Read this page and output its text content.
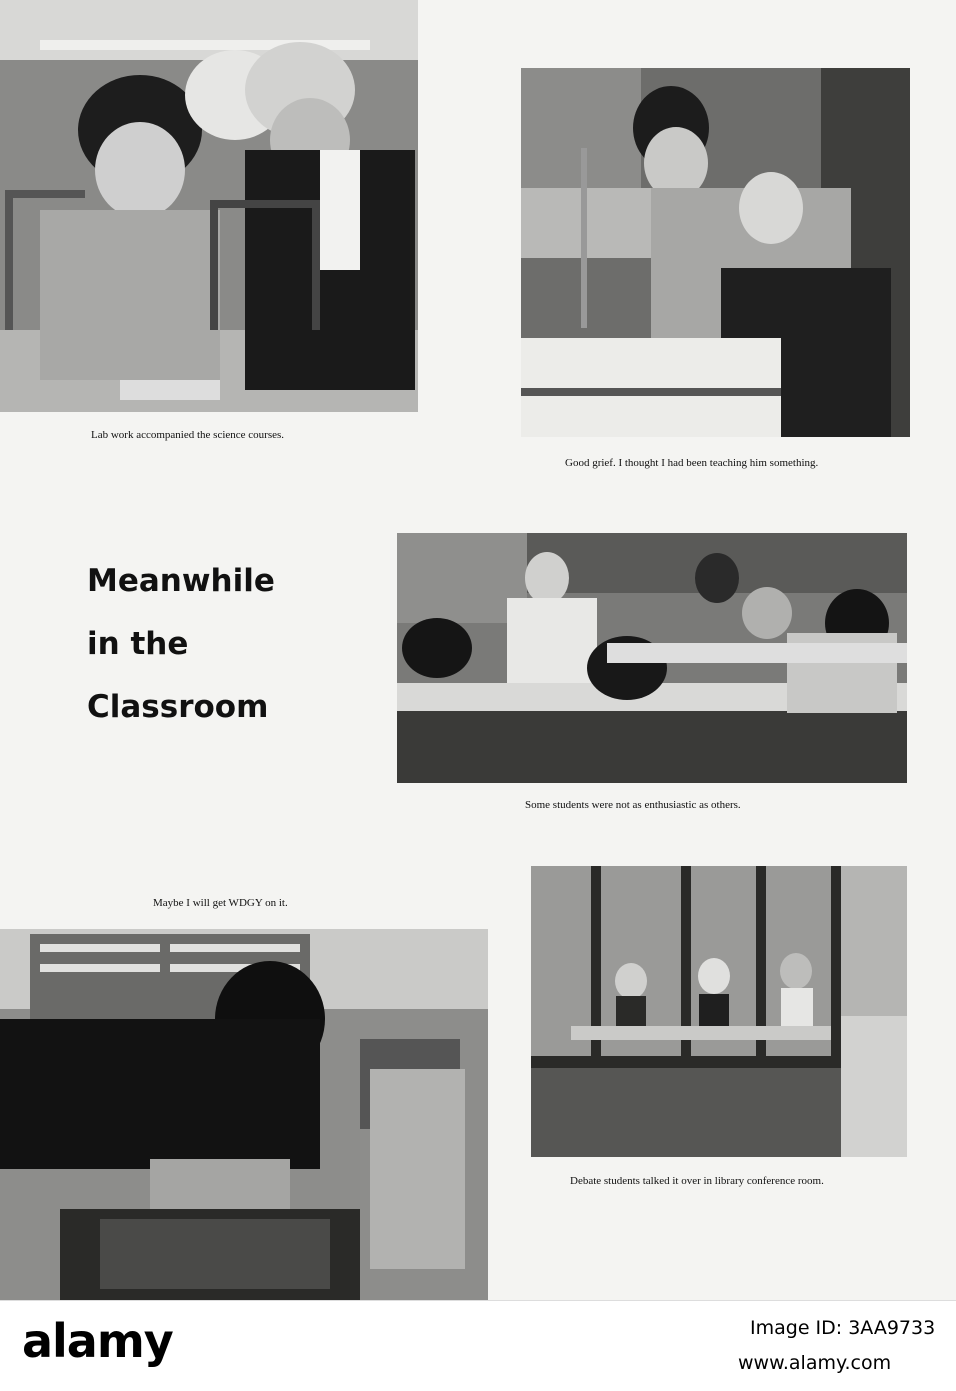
Lab work accompanied the science courses.
Good grief. I thought I had been teaching him something.
Meanwhile
in the
Classroom
Some students were not as enthusiastic as others.
Maybe I will get WDGY on it.
Debate students talked it over in library conference room.
alamy	Image ID: 3AA9733
www.alamy.com
